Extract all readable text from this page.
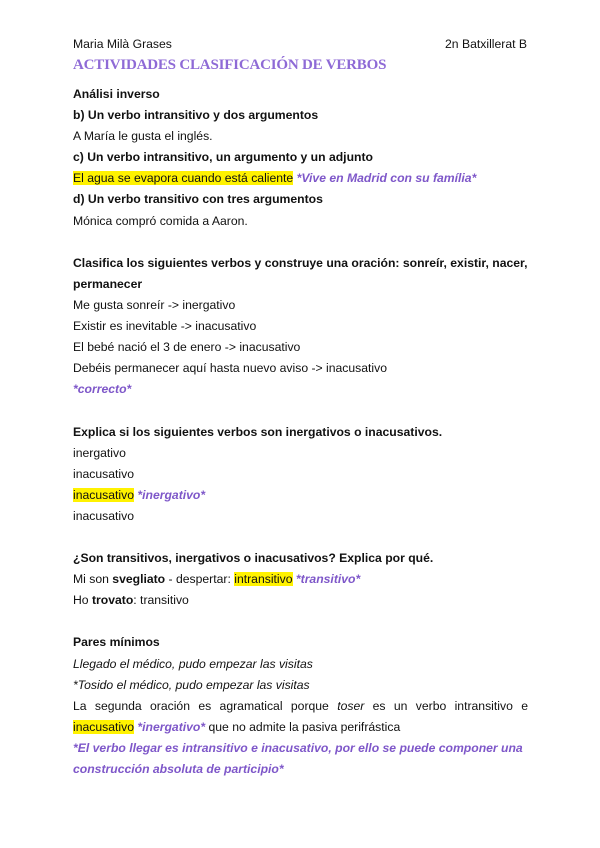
Maria Milà Grases	2n Batxillerat B
ACTIVIDADES CLASIFICACIÓN DE VERBOS
Análisi inverso
b) Un verbo intransitivo y dos argumentos
A María le gusta el inglés.
c) Un verbo intransitivo, un argumento y un adjunto
El agua se evapora cuando está caliente *Vive en Madrid con su família*
d) Un verbo transitivo con tres argumentos
Mónica compró comida a Aaron.
Clasifica los siguientes verbos y construye una oración: sonreír, existir, nacer, permanecer
Me gusta sonreír -> inergativo
Existir es inevitable -> inacusativo
El bebé nació el 3 de enero -> inacusativo
Debéis permanecer aquí hasta nuevo aviso -> inacusativo
*correcto*
Explica si los siguientes verbos son inergativos o inacusativos.
inergativo
inacusativo
inacusativo *inergativo*
inacusativo
¿Son transitivos, inergativos o inacusativos? Explica por qué.
Mi son svegliato - despertar: intransitivo *transitivo*
Ho trovato: transitivo
Pares mínimos
Llegado el médico, pudo empezar las visitas
*Tosido el médico, pudo empezar las visitas
La segunda oración es agramatical porque toser es un verbo intransitivo e
inacusativo *inergativo* que no admite la pasiva perifrástica
*El verbo llegar es intransitivo e inacusativo, por ello se puede componer una construcción absoluta de participio*
